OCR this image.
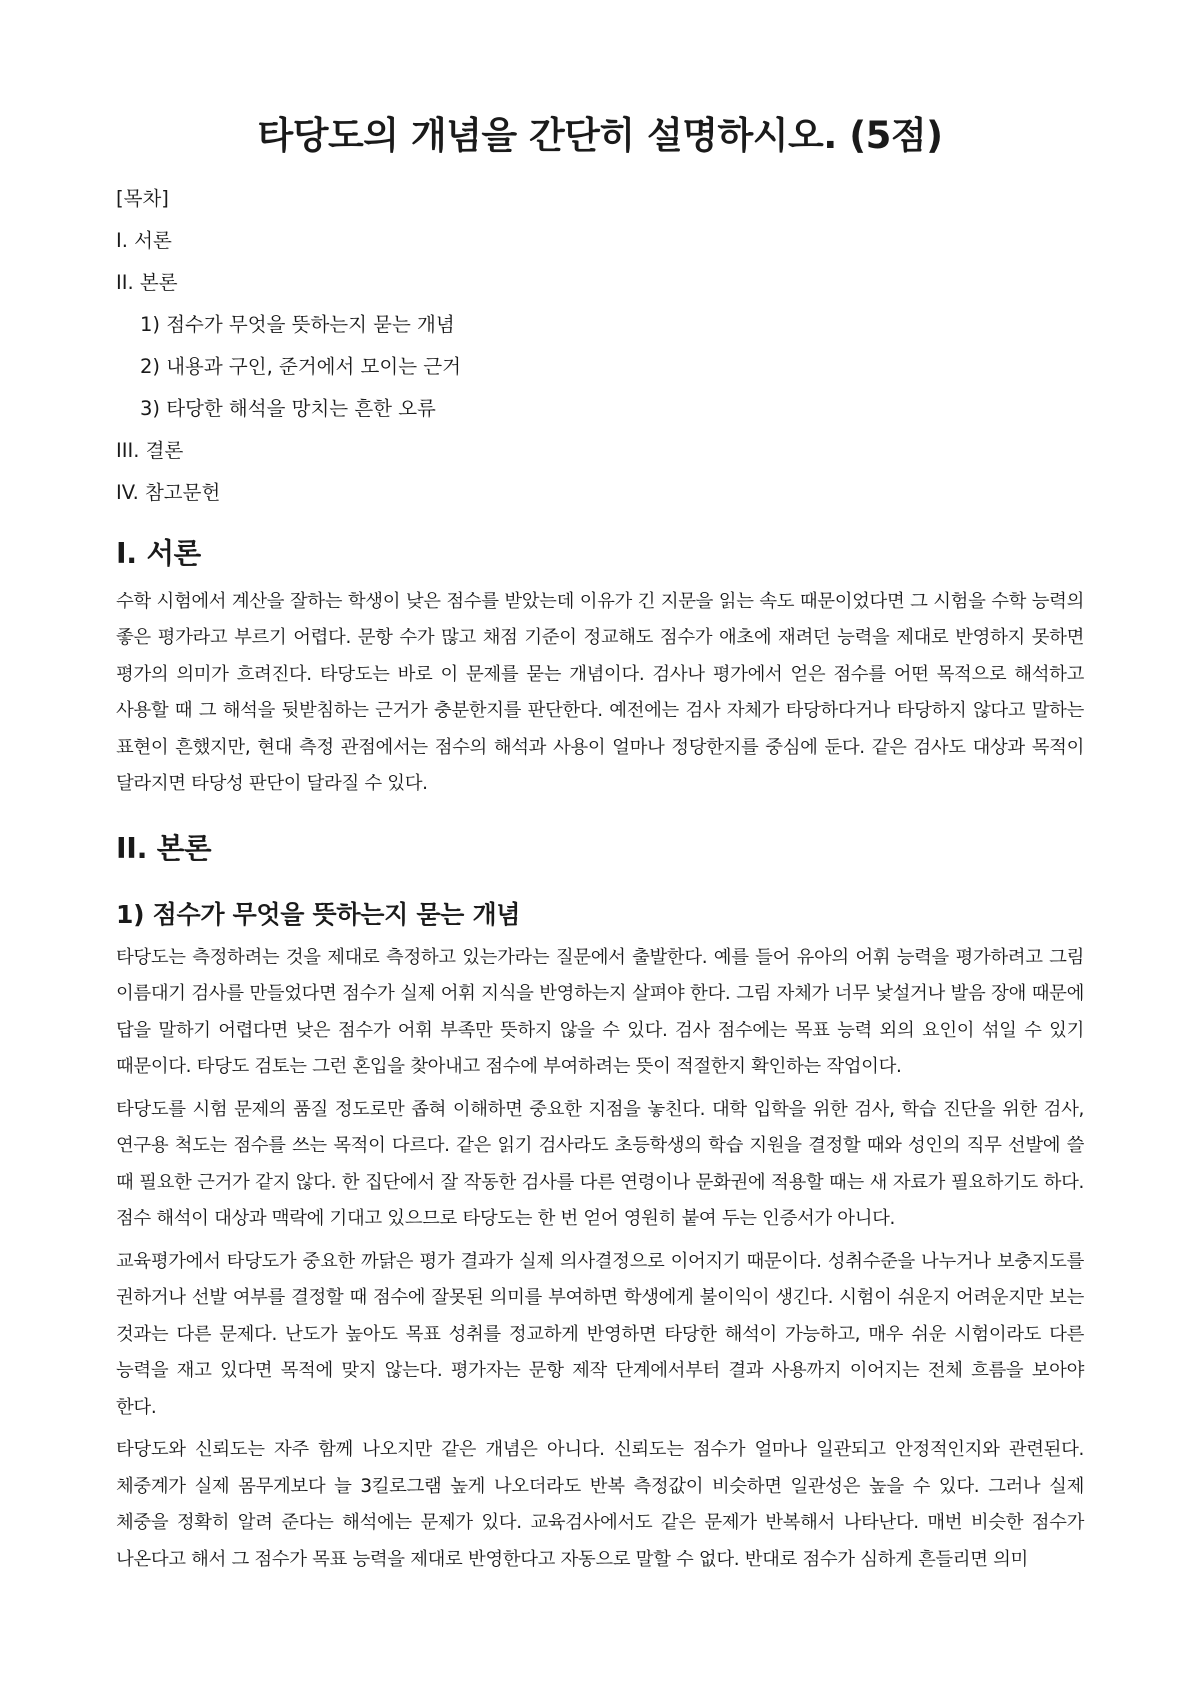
타당도의 개념을 간단히 설명하시오. (5점)
[목차]
I. 서론
II. 본론
1) 점수가 무엇을 뜻하는지 묻는 개념
2) 내용과 구인, 준거에서 모이는 근거
3) 타당한 해석을 망치는 흔한 오류
III. 결론
IV. 참고문헌
I. 서론

수학 시험에서 계산을 잘하는 학생이 낮은 점수를 받았는데 이유가 긴 지문을 읽는 속도 때문이었다면 그 시험을 수학 능력의 좋은 평가라고 부르기 어렵다. 문항 수가 많고 채점 기준이 정교해도 점수가 애초에 재려던 능력을 제대로 반영하지 못하면 평가의 의미가 흐려진다. 타당도는 바로 이 문제를 묻는 개념이다. 검사나 평가에서 얻은 점수를 어떤 목적으로 해석하고 사용할 때 그 해석을 뒷받침하는 근거가 충분한지를 판단한다. 예전에는 검사 자체가 타당하다거나 타당하지 않다고 말하는 표현이 흔했지만, 현대 측정 관점에서는 점수의 해석과 사용이 얼마나 정당한지를 중심에 둔다. 같은 검사도 대상과 목적이 달라지면 타당성 판단이 달라질 수 있다.

II. 본론
1) 점수가 무엇을 뜻하는지 묻는 개념

타당도는 측정하려는 것을 제대로 측정하고 있는가라는 질문에서 출발한다. 예를 들어 유아의 어휘 능력을 평가하려고 그림 이름대기 검사를 만들었다면 점수가 실제 어휘 지식을 반영하는지 살펴야 한다. 그림 자체가 너무 낯설거나 발음 장애 때문에 답을 말하기 어렵다면 낮은 점수가 어휘 부족만 뜻하지 않을 수 있다. 검사 점수에는 목표 능력 외의 요인이 섞일 수 있기 때문이다. 타당도 검토는 그런 혼입을 찾아내고 점수에 부여하려는 뜻이 적절한지 확인하는 작업이다.

타당도를 시험 문제의 품질 정도로만 좁혀 이해하면 중요한 지점을 놓친다. 대학 입학을 위한 검사, 학습 진단을 위한 검사, 연구용 척도는 점수를 쓰는 목적이 다르다. 같은 읽기 검사라도 초등학생의 학습 지원을 결정할 때와 성인의 직무 선발에 쓸 때 필요한 근거가 같지 않다. 한 집단에서 잘 작동한 검사를 다른 연령이나 문화권에 적용할 때는 새 자료가 필요하기도 하다. 점수 해석이 대상과 맥락에 기대고 있으므로 타당도는 한 번 얻어 영원히 붙여 두는 인증서가 아니다.

교육평가에서 타당도가 중요한 까닭은 평가 결과가 실제 의사결정으로 이어지기 때문이다. 성취수준을 나누거나 보충지도를 권하거나 선발 여부를 결정할 때 점수에 잘못된 의미를 부여하면 학생에게 불이익이 생긴다. 시험이 쉬운지 어려운지만 보는 것과는 다른 문제다. 난도가 높아도 목표 성취를 정교하게 반영하면 타당한 해석이 가능하고, 매우 쉬운 시험이라도 다른 능력을 재고 있다면 목적에 맞지 않는다. 평가자는 문항 제작 단계에서부터 결과 사용까지 이어지는 전체 흐름을 보아야 한다.

타당도와 신뢰도는 자주 함께 나오지만 같은 개념은 아니다. 신뢰도는 점수가 얼마나 일관되고 안정적인지와 관련된다. 체중계가 실제 몸무게보다 늘 3킬로그램 높게 나오더라도 반복 측정값이 비슷하면 일관성은 높을 수 있다. 그러나 실제 체중을 정확히 알려 준다는 해석에는 문제가 있다. 교육검사에서도 같은 문제가 반복해서 나타난다. 매번 비슷한 점수가 나온다고 해서 그 점수가 목표 능력을 제대로 반영한다고 자동으로 말할 수 없다. 반대로 점수가 심하게 흔들리면 의미
